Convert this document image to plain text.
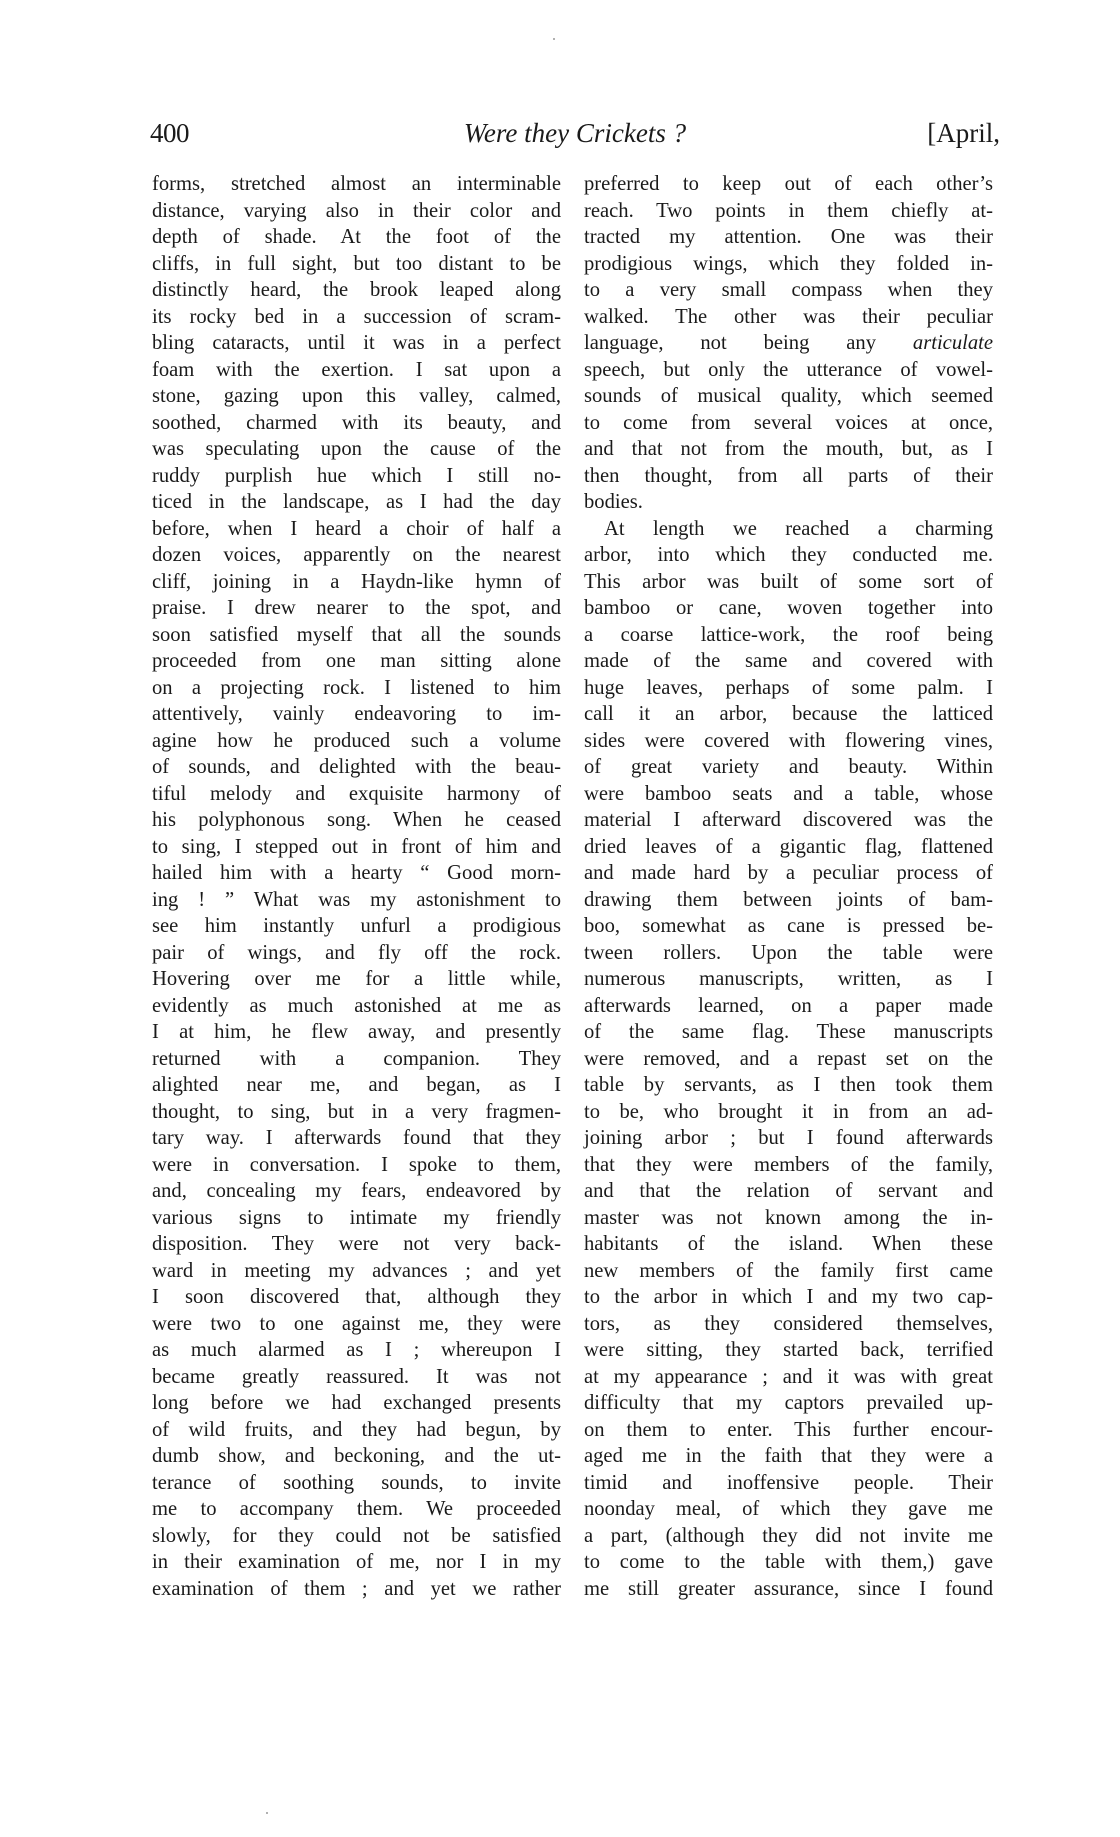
400	Were they Crickets ?	[April,
forms, stretched almost an interminable
distance, varying also in their color and
depth of shade. At the foot of the
cliffs, in full sight, but too distant to be
distinctly heard, the brook leaped along
its rocky bed in a succession of scram-
bling cataracts, until it was in a perfect
foam with the exertion. I sat upon a
stone, gazing upon this valley, calmed,
soothed, charmed with its beauty, and
was speculating upon the cause of the
ruddy purplish hue which I still no-
ticed in the landscape, as I had the day
before, when I heard a choir of half a
dozen voices, apparently on the nearest
cliff, joining in a Haydn-like hymn of
praise. I drew nearer to the spot, and
soon satisfied myself that all the sounds
proceeded from one man sitting alone
on a projecting rock. I listened to him
attentively, vainly endeavoring to im-
agine how he produced such a volume
of sounds, and delighted with the beau-
tiful melody and exquisite harmony of
his polyphonous song. When he ceased
to sing, I stepped out in front of him and
hailed him with a hearty “ Good morn-
ing ! ” What was my astonishment to
see him instantly unfurl a prodigious
pair of wings, and fly off the rock.
Hovering over me for a little while,
evidently as much astonished at me as
I at him, he flew away, and presently
returned with a companion. They
alighted near me, and began, as I
thought, to sing, but in a very fragmen-
tary way. I afterwards found that they
were in conversation. I spoke to them,
and, concealing my fears, endeavored by
various signs to intimate my friendly
disposition. They were not very back-
ward in meeting my advances ; and yet
I soon discovered that, although they
were two to one against me, they were
as much alarmed as I ; whereupon I
became greatly reassured. It was not
long before we had exchanged presents
of wild fruits, and they had begun, by
dumb show, and beckoning, and the ut-
terance of soothing sounds, to invite
me to accompany them. We proceeded
slowly, for they could not be satisfied
in their examination of me, nor I in my
examination of them ; and yet we rather
preferred to keep out of each other’s
reach. Two points in them chiefly at-
tracted my attention. One was their
prodigious wings, which they folded in-
to a very small compass when they
walked. The other was their peculiar
language, not being any articulate
speech, but only the utterance of vowel-
sounds of musical quality, which seemed
to come from several voices at once,
and that not from the mouth, but, as I
then thought, from all parts of their
bodies.
At length we reached a charming
arbor, into which they conducted me.
This arbor was built of some sort of
bamboo or cane, woven together into
a coarse lattice-work, the roof being
made of the same and covered with
huge leaves, perhaps of some palm. I
call it an arbor, because the latticed
sides were covered with flowering vines,
of great variety and beauty. Within
were bamboo seats and a table, whose
material I afterward discovered was the
dried leaves of a gigantic flag, flattened
and made hard by a peculiar process of
drawing them between joints of bam-
boo, somewhat as cane is pressed be-
tween rollers. Upon the table were
numerous manuscripts, written, as I
afterwards learned, on a paper made
of the same flag. These manuscripts
were removed, and a repast set on the
table by servants, as I then took them
to be, who brought it in from an ad-
joining arbor ; but I found afterwards
that they were members of the family,
and that the relation of servant and
master was not known among the in-
habitants of the island. When these
new members of the family first came
to the arbor in which I and my two cap-
tors, as they considered themselves,
were sitting, they started back, terrified
at my appearance ; and it was with great
difficulty that my captors prevailed up-
on them to enter. This further encour-
aged me in the faith that they were a
timid and inoffensive people. Their
noonday meal, of which they gave me
a part, (although they did not invite me
to come to the table with them,) gave
me still greater assurance, since I found
